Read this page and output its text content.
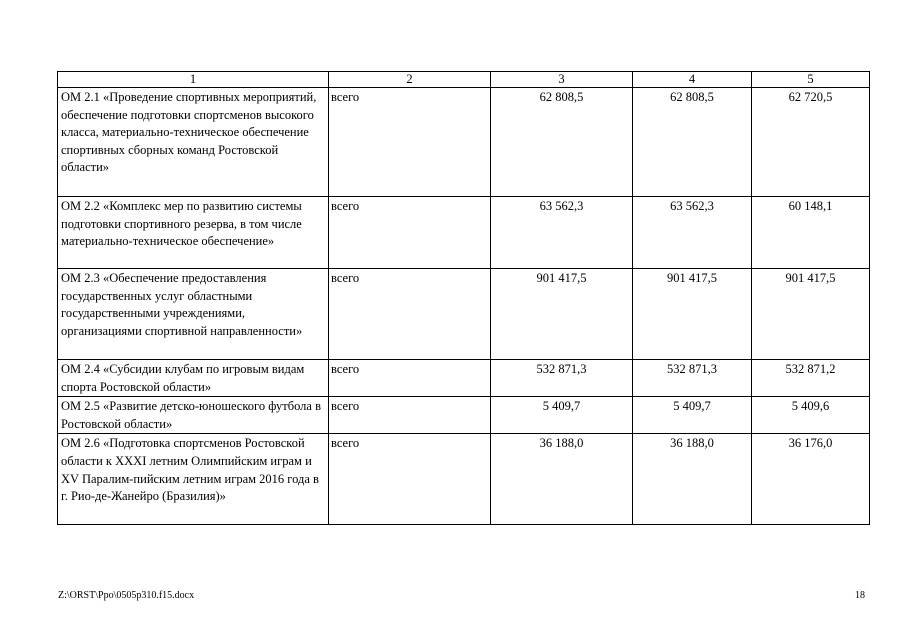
1	2	3	4	5
ОМ 2.1 «Проведение спортивных мероприятий, обеспечение подготовки спортсменов высокого класса, материально-техническое обеспечение спортивных сборных команд Ростовской области»	всего	62 808,5	62 808,5	62 720,5
ОМ 2.2 «Комплекс мер по развитию системы подготовки спортивного резерва, в том числе материально-техническое обеспечение»	всего	63 562,3	63 562,3	60 148,1
ОМ 2.3 «Обеспечение предоставления государственных услуг областными государственными учреждениями, организациями спортивной направленности»	всего	901 417,5	901 417,5	901 417,5
ОМ 2.4 «Субсидии клубам по игровым видам спорта Ростовской области»	всего	532 871,3	532 871,3	532 871,2
ОМ 2.5 «Развитие детско-юношеского футбола в Ростовской области»	всего	5 409,7	5 409,7	5 409,6
ОМ 2.6 «Подготовка спортсменов Ростовской области к XXXI летним Олимпийским играм и XV Паралим-пийским летним играм 2016 года в г. Рио-де-Жанейро (Бразилия)»	всего	36 188,0	36 188,0	36 176,0
Z:\ORST\Ppo\0505p310.f15.docx	18
